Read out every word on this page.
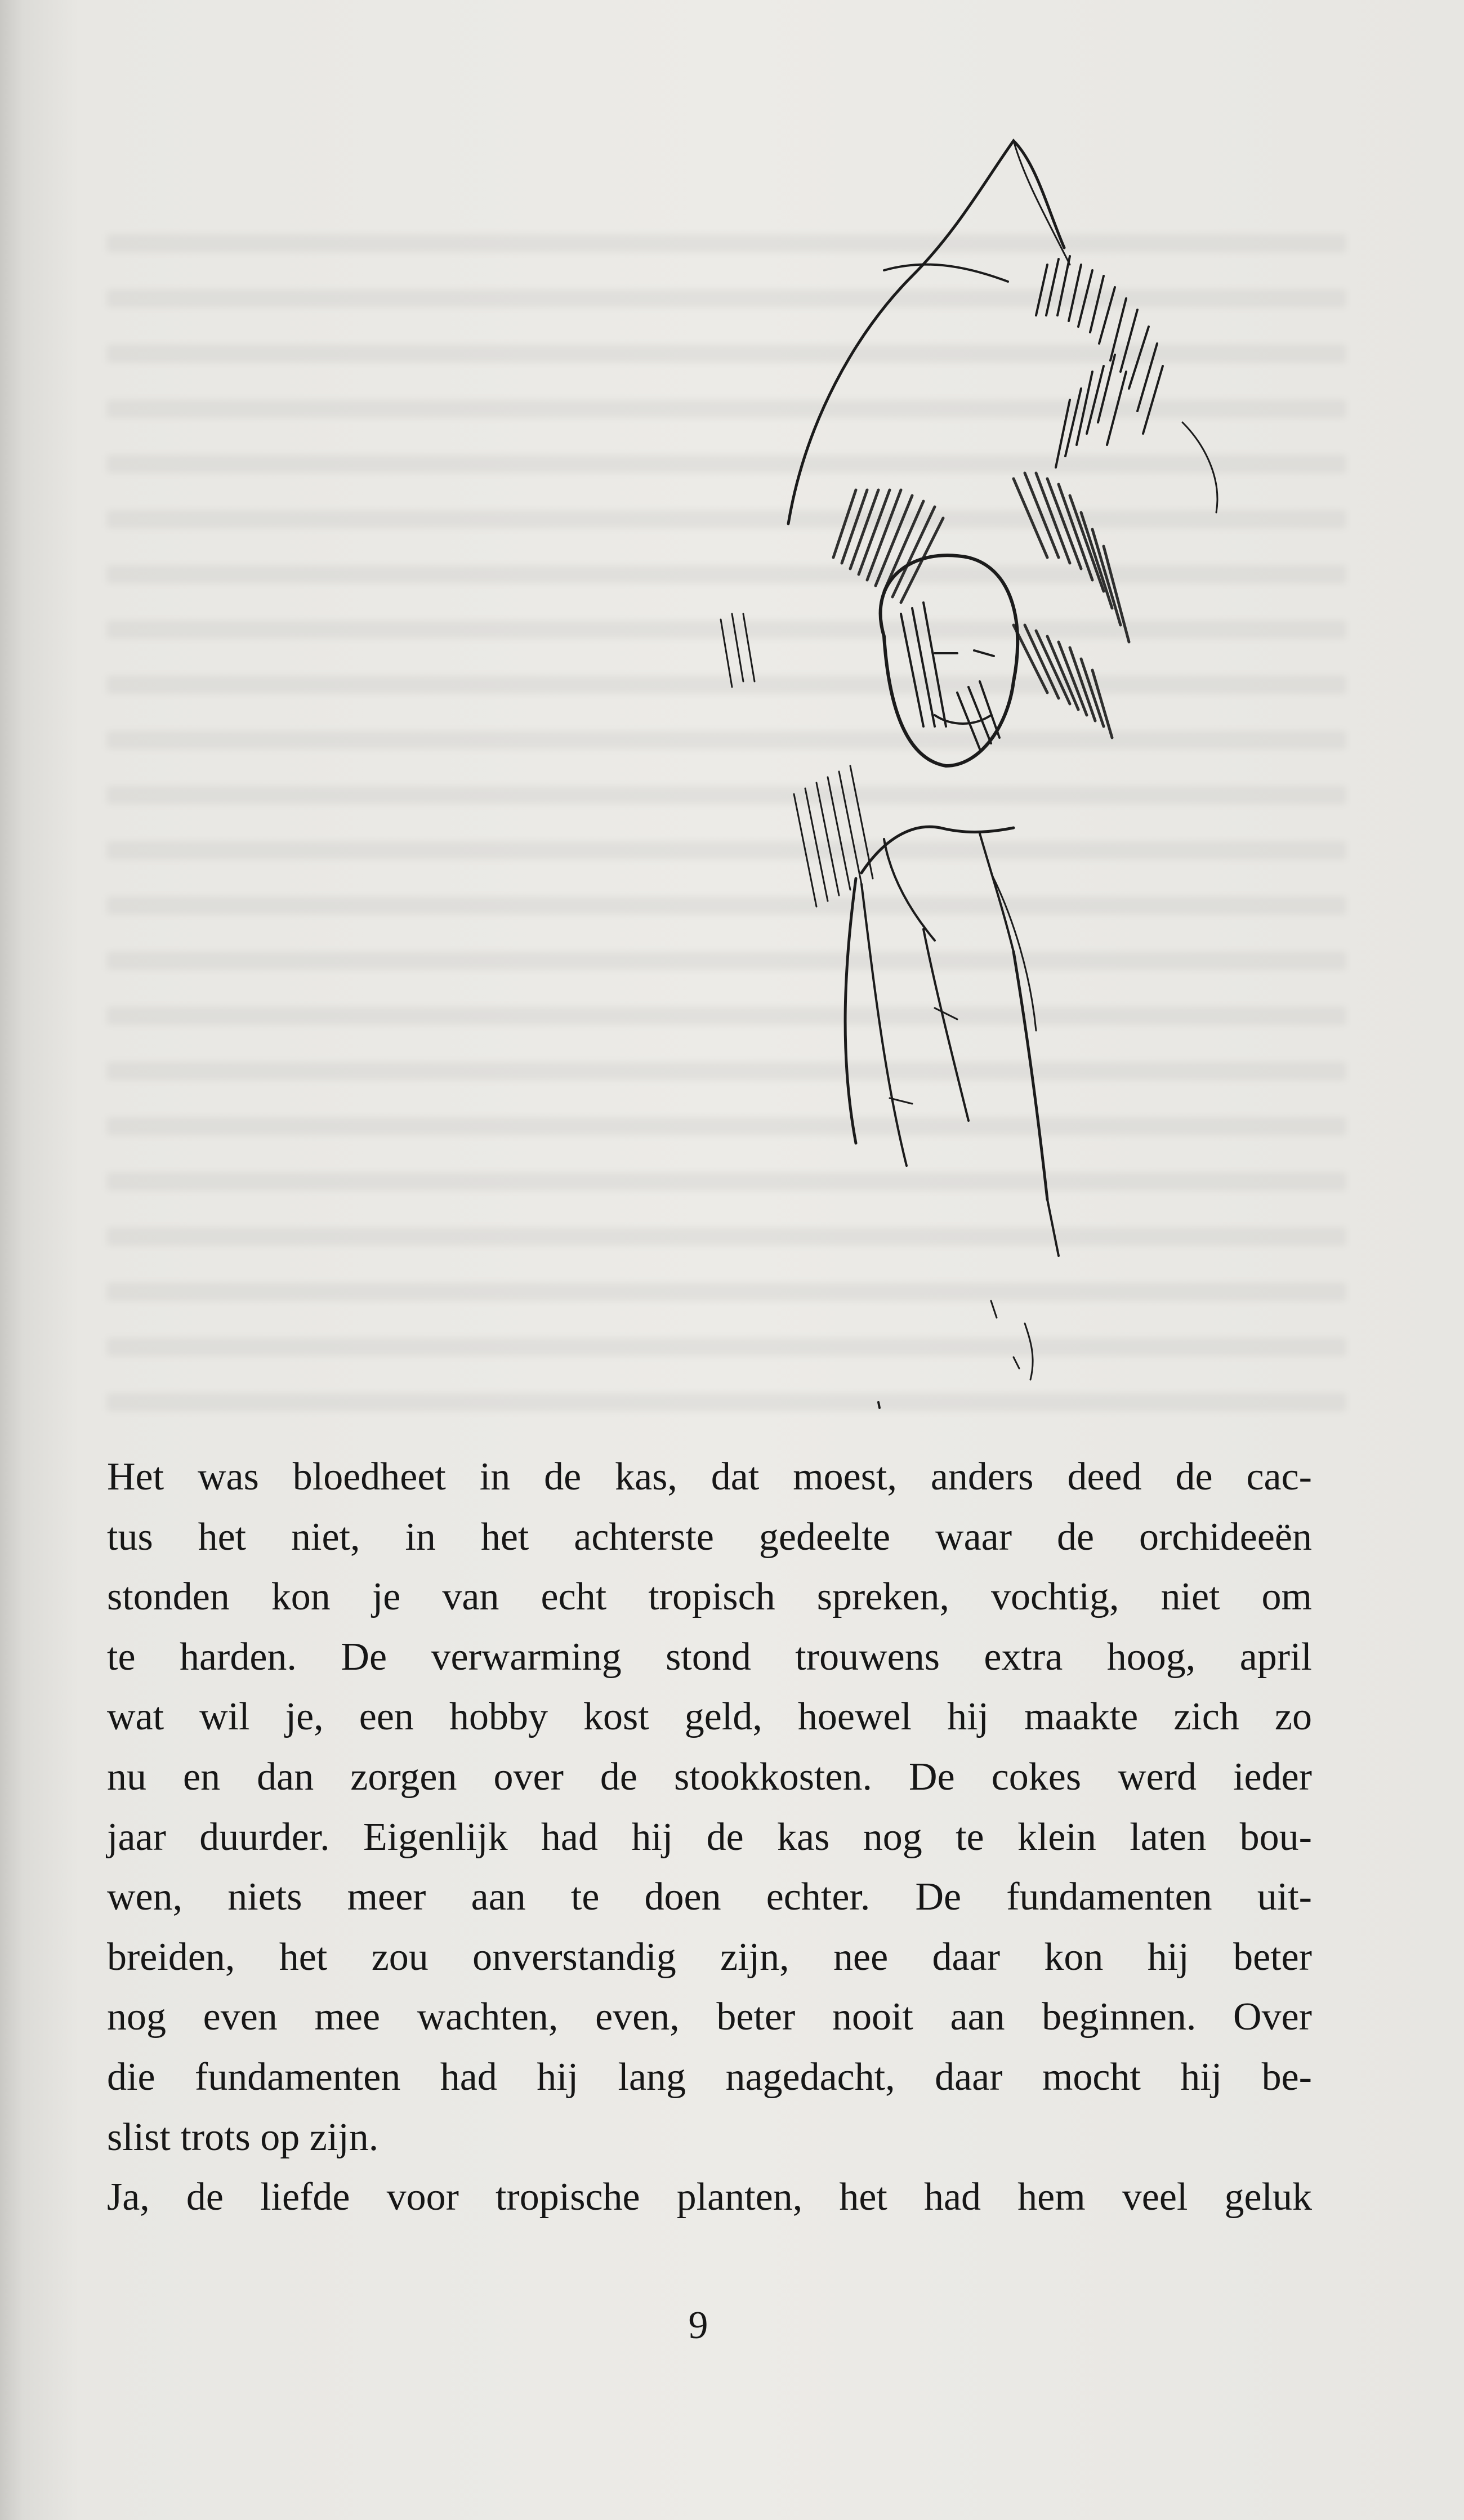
Het was bloedheet in de kas, dat moest, anders deed de cac-
tus het niet, in het achterste gedeelte waar de orchideeën
stonden kon je van echt tropisch spreken, vochtig, niet om
te harden. De verwarming stond trouwens extra hoog, april
wat wil je, een hobby kost geld, hoewel hij maakte zich zo
nu en dan zorgen over de stookkosten. De cokes werd ieder
jaar duurder. Eigenlijk had hij de kas nog te klein laten bou-
wen, niets meer aan te doen echter. De fundamenten uit-
breiden, het zou onverstandig zijn, nee daar kon hij beter
nog even mee wachten, even, beter nooit aan beginnen. Over
die fundamenten had hij lang nagedacht, daar mocht hij be-
slist trots op zijn.
Ja, de liefde voor tropische planten, het had hem veel geluk
9
